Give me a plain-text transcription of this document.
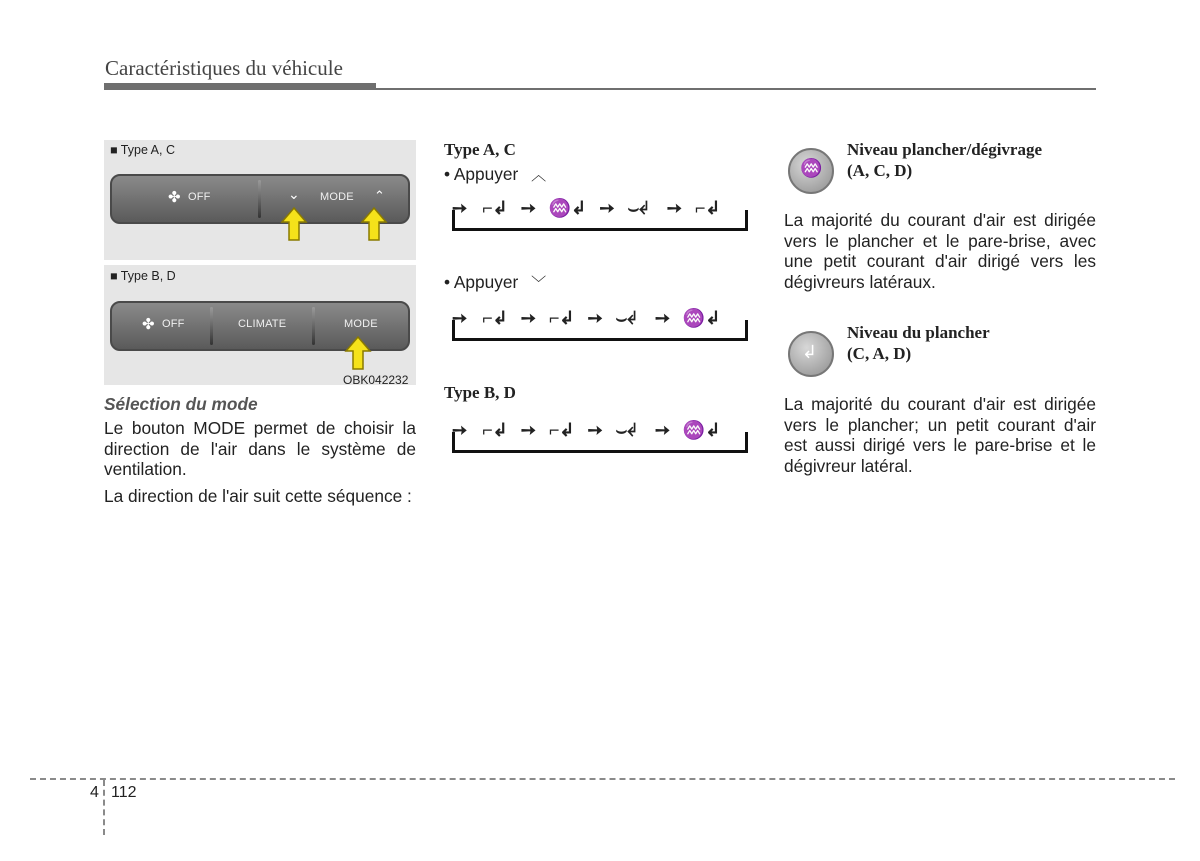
Caractéristiques du véhicule
■ Type A, C
✤ OFF	⌄ MODE ⌃
■ Type B, D
✤ OFF	CLIMATE	MODE
OBK042232
Sélection du mode
Le bouton MODE permet de choisir la direction de l'air dans le système de ventilation.
La direction de l'air suit cette séquence :
Type A, C
• Appuyer ︿
➙ ⌐↲ ➙ ♒↲ ➙ ⌣↲ ➙ ⌐↲
• Appuyer ﹀
➙ ⌐↲ ➙ ⌐↲ ➙ ⌣↲ ➙ ♒↲
Type B, D
➙ ⌐↲ ➙ ⌐↲ ➙ ⌣↲ ➙ ♒↲
♒
Niveau plancher/dégivrage
(A, C, D)
La majorité du courant d'air est dirigée vers le plancher et le pare-brise, avec une petit courant d'air dirigé vers les dégivreurs latéraux.
↲
Niveau du plancher
(C, A, D)
La majorité du courant d'air est dirigée vers le plancher; un petit courant d'air est aussi dirigé vers le pare-brise et le dégivreur latéral.
4 112
